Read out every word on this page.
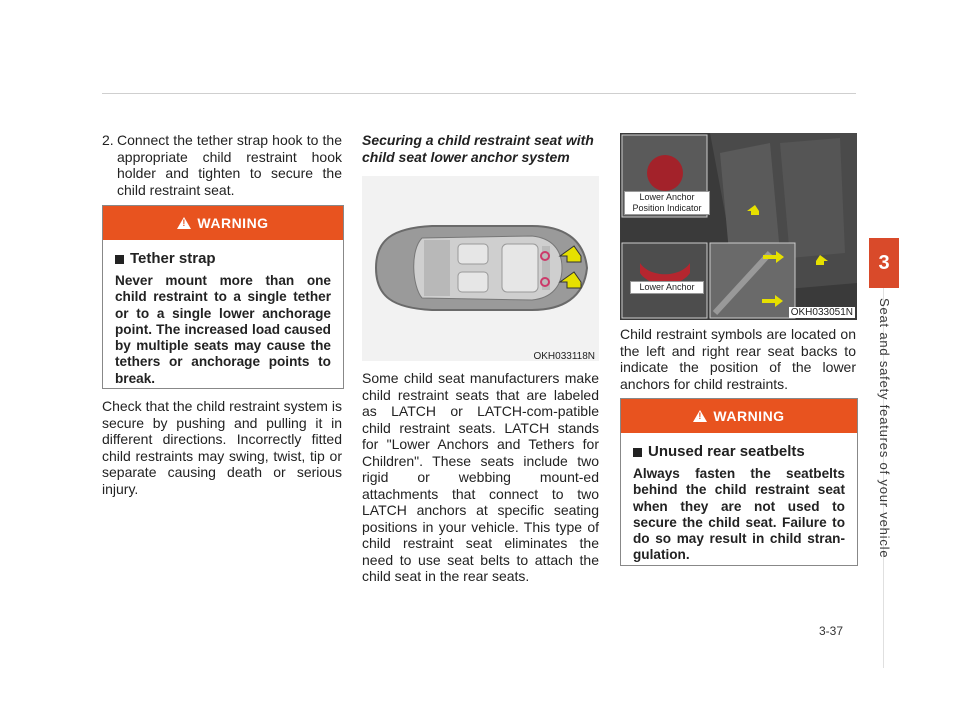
3
Seat and safety features of your vehicle
2. Connect the tether strap hook to the appropriate child restraint hook holder and tighten to secure the child restraint seat.
!
WARNING
Tether strap
Never mount more than one child restraint to a single tether or to a single lower anchorage point. The increased load caused by multiple seats may cause the tethers or anchorage points to break.
Check that the child restraint system is secure by pushing and pulling it in different directions. Incorrectly fitted child restraints may swing, twist, tip or separate causing death or serious injury.
Securing a child restraint seat with child seat lower anchor system
OKH033118N
Some child seat manufacturers make child restraint seats that are labeled as LATCH or LATCH-com-patible child restraint seats. LATCH stands for "Lower Anchors and Tethers for Children". These seats include two rigid or webbing mount-ed attachments that connect to two LATCH anchors at specific seating positions in your vehicle. This type of child restraint seat eliminates the need to use seat belts to attach the child seat in the rear seats.
Lower Anchor Position Indicator
Lower Anchor
OKH033051N
Child restraint symbols are located on the left and right rear seat backs to indicate the position of the lower anchors for child restraints.
!
WARNING
Unused rear seatbelts
Always fasten the seatbelts behind the child restraint seat when they are not used to secure the child seat. Failure to do so may result in child stran-gulation.
3-37
